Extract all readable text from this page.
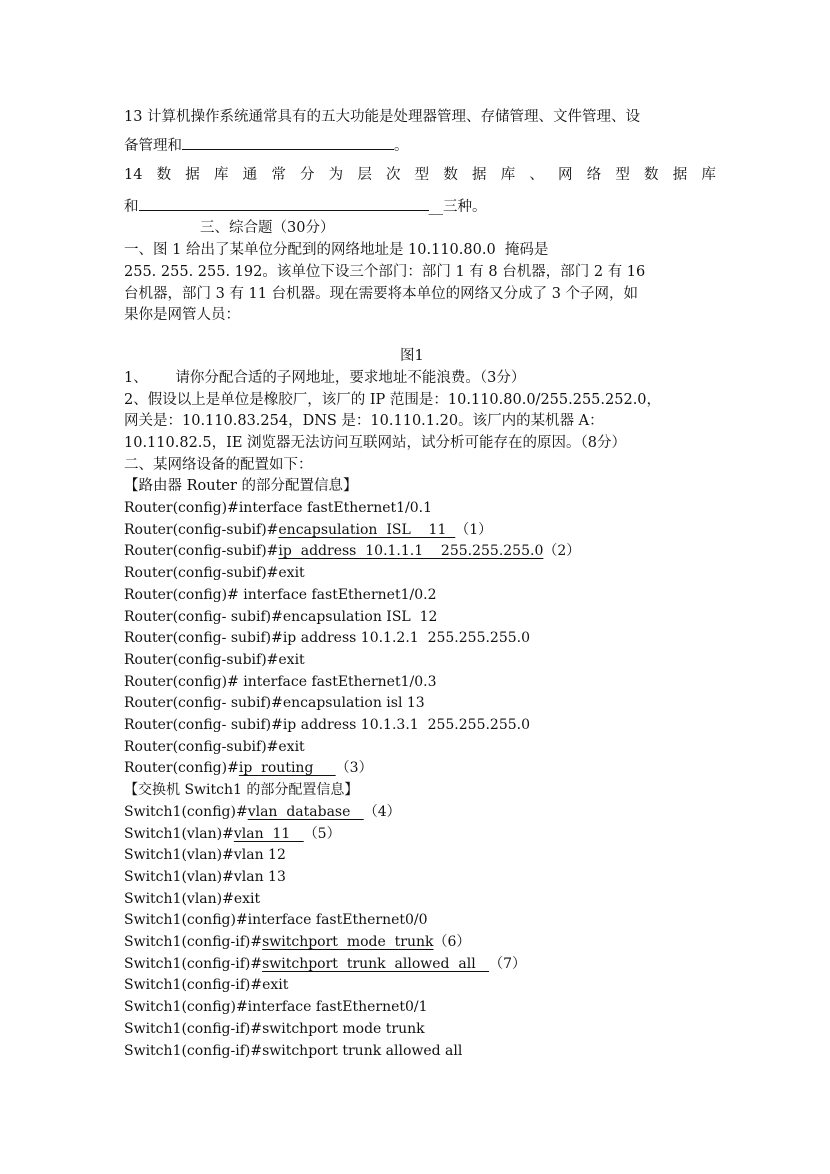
13 计算机操作系统通常具有的五大功能是处理器管理、存储管理、文件管理、设
备管理和	。
14 数 据 库 通 常 分 为 层 次 型 数 据 库 、 网 络 型 数 据 库
和	__三种。
三、综合题（30分）
一、图 1 给出了某单位分配到的网络地址是 10.110.80.0  掩码是
255. 255. 255. 192。该单位下设三个部门：部门 1 有 8 台机器，部门 2 有 16
台机器，部门 3 有 11 台机器。现在需要将本单位的网络又分成了 3 个子网，如
果你是网管人员：
图1
1、      请你分配合适的子网地址，要求地址不能浪费。（3分）
2、假设以上是单位是橡胶厂，该厂的 IP 范围是：10.110.80.0/255.255.252.0，
网关是：10.110.83.254，DNS 是：10.110.1.20。该厂内的某机器 A：
10.110.82.5，IE 浏览器无法访问互联网站，试分析可能存在的原因。（8分）
二、某网络设备的配置如下：
【路由器 Router 的部分配置信息】
Router(config)#interface fastEthernet1/0.1
Router(config-subif)#encapsulation  ISL    11  （1）
Router(config-subif)#ip  address  10.1.1.1    255.255.255.0（2）
Router(config-subif)#exit
Router(config)# interface fastEthernet1/0.2
Router(config- subif)#encapsulation ISL  12
Router(config- subif)#ip address 10.1.2.1  255.255.255.0
Router(config-subif)#exit
Router(config)# interface fastEthernet1/0.3
Router(config- subif)#encapsulation isl 13
Router(config- subif)#ip address 10.1.3.1  255.255.255.0
Router(config-subif)#exit
Router(config)#ip  routing     （3）
【交换机 Switch1 的部分配置信息】
Switch1(config)#vlan  database   （4）
Switch1(vlan)#vlan  11   （5）
Switch1(vlan)#vlan 12
Switch1(vlan)#vlan 13
Switch1(vlan)#exit
Switch1(config)#interface fastEthernet0/0
Switch1(config-if)#switchport  mode  trunk（6）
Switch1(config-if)#switchport  trunk  allowed  all   （7）
Switch1(config-if)#exit
Switch1(config)#interface fastEthernet0/1
Switch1(config-if)#switchport mode trunk
Switch1(config-if)#switchport trunk allowed all
